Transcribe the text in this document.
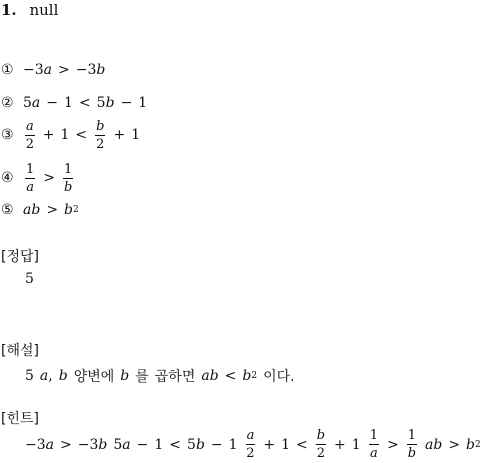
1. null
① −3 a > −3 b
② 5 a − 1 < 5 b − 1
③ $\frac{a}{2} + 1 < \frac{b}{2} + 1$
④ $\frac{1}{a} > \frac{1}{b}$
⑤ ab > b 2
[정답]
5
[해설]
5 a , b 양변에 b 를 곱하면 ab < b 2 이다.
[힌트]
−3 a > −3 b 5 a − 1 < 5 $b - 1 \frac{a}{2} + 1 < \frac{b}{2} + 1 \frac{1}{a} > \frac{1}{b}$ ab > b 2
